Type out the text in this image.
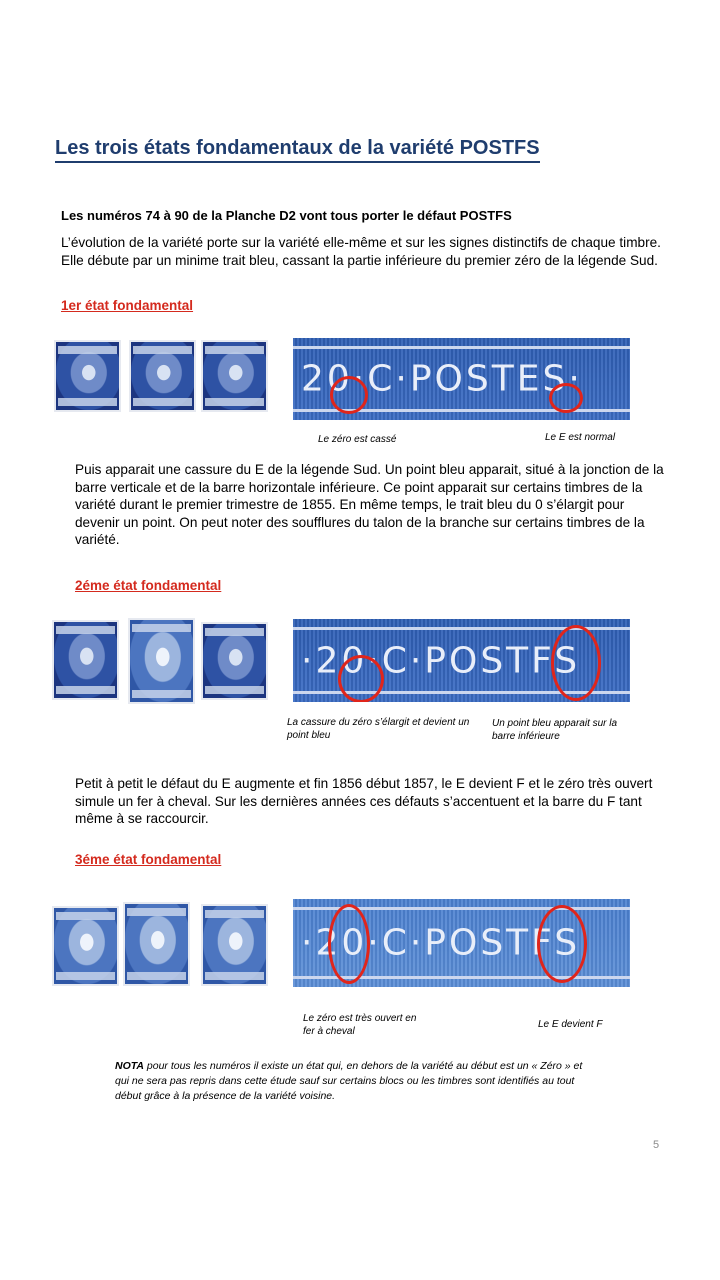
Les trois états fondamentaux de la variété POSTFS
Les numéros 74 à 90 de la Planche D2 vont tous porter le défaut POSTFS
L’évolution de la variété porte sur la variété elle-même et sur les signes distinctifs de chaque timbre. Elle débute par un minime trait bleu, cassant la partie inférieure du premier zéro de la légende Sud.
1er état fondamental
20·C·POSTES·
Le zéro est cassé	Le E est normal
Puis apparait une cassure du E de la légende Sud. Un point bleu apparait, situé à la jonction de la barre verticale et de la barre horizontale inférieure. Ce point apparait sur certains timbres de la variété durant le premier trimestre de 1855. En même temps, le trait bleu du 0 s’élargit pour devenir un point. On peut noter des soufflures du talon de la branche sur certains timbres de la variété.
2éme état fondamental
·20·C·POSTFS
La cassure du zéro s’élargit et devient un point bleu
Un point bleu apparait sur la barre inférieure
Petit à petit le défaut du E augmente et fin 1856 début 1857, le E devient F et le zéro très ouvert simule un fer à cheval. Sur les dernières années ces défauts s’accentuent et la barre du F tant même à se raccourcir.
3éme état fondamental
·20·C·POSTFS
Le zéro est très ouvert en fer à cheval
Le E devient F
NOTA pour tous les numéros il existe un état qui, en dehors de la variété au début est un « Zéro » et qui ne sera pas repris dans cette étude sauf sur certains blocs ou les timbres sont identifiés au tout début grâce à la présence de la variété voisine.
5
